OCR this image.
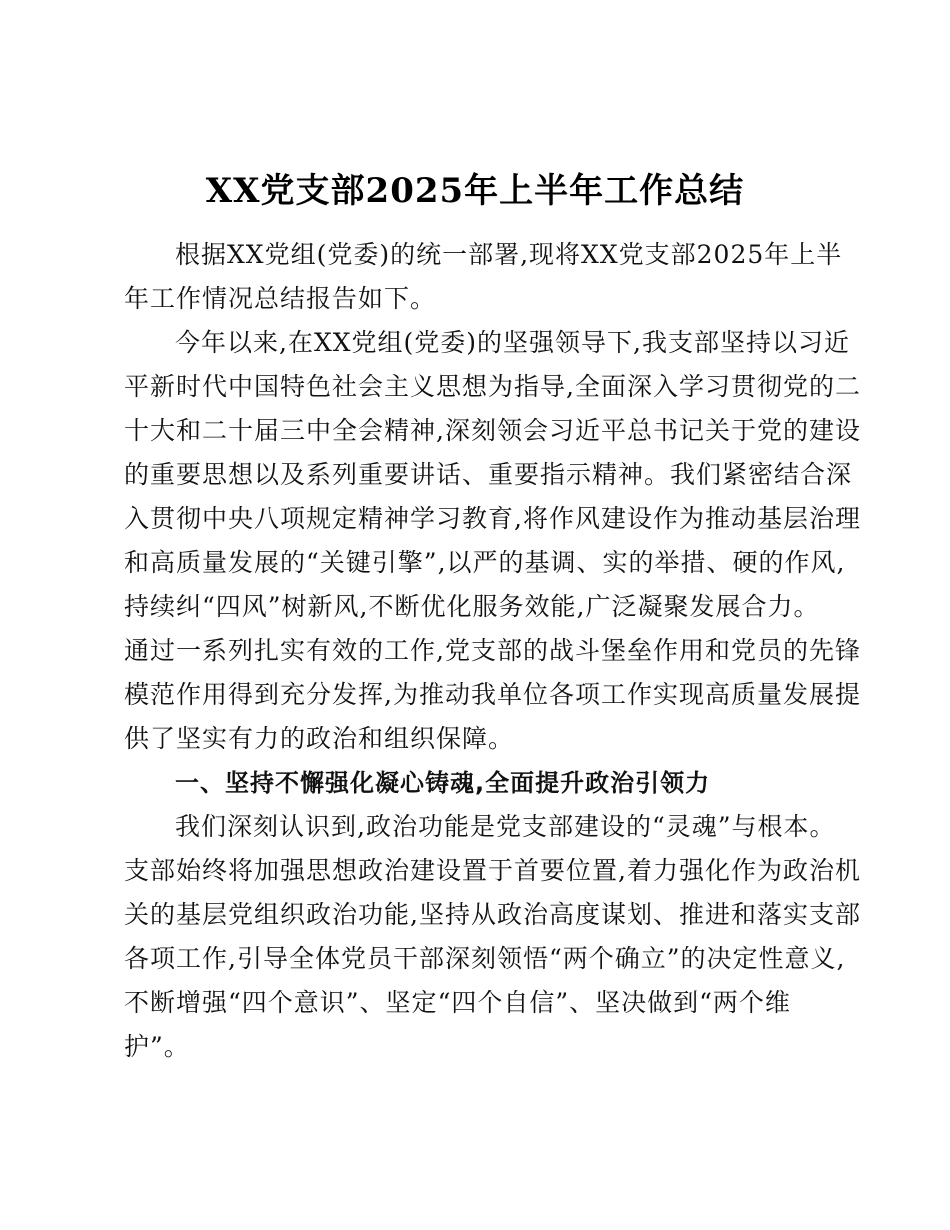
XX党支部2025年上半年工作总结
根据XX党组(党委)的统一部署,现将XX党支部2025年上半
年工作情况总结报告如下。
今年以来,在XX党组(党委)的坚强领导下,我支部坚持以习近
平新时代中国特色社会主义思想为指导,全面深入学习贯彻党的二
十大和二十届三中全会精神,深刻领会习近平总书记关于党的建设
的重要思想以及系列重要讲话、重要指示精神。我们紧密结合深
入贯彻中央八项规定精神学习教育,将作风建设作为推动基层治理
和高质量发展的“关键引擎”,以严的基调、实的举措、硬的作风,
持续纠“四风”树新风,不断优化服务效能,广泛凝聚发展合力。
通过一系列扎实有效的工作,党支部的战斗堡垒作用和党员的先锋
模范作用得到充分发挥,为推动我单位各项工作实现高质量发展提
供了坚实有力的政治和组织保障。
一、坚持不懈强化凝心铸魂,全面提升政治引领力
我们深刻认识到,政治功能是党支部建设的“灵魂”与根本。
支部始终将加强思想政治建设置于首要位置,着力强化作为政治机
关的基层党组织政治功能,坚持从政治高度谋划、推进和落实支部
各项工作,引导全体党员干部深刻领悟“两个确立”的决定性意义,
不断增强“四个意识”、坚定“四个自信”、坚决做到“两个维
护”。
